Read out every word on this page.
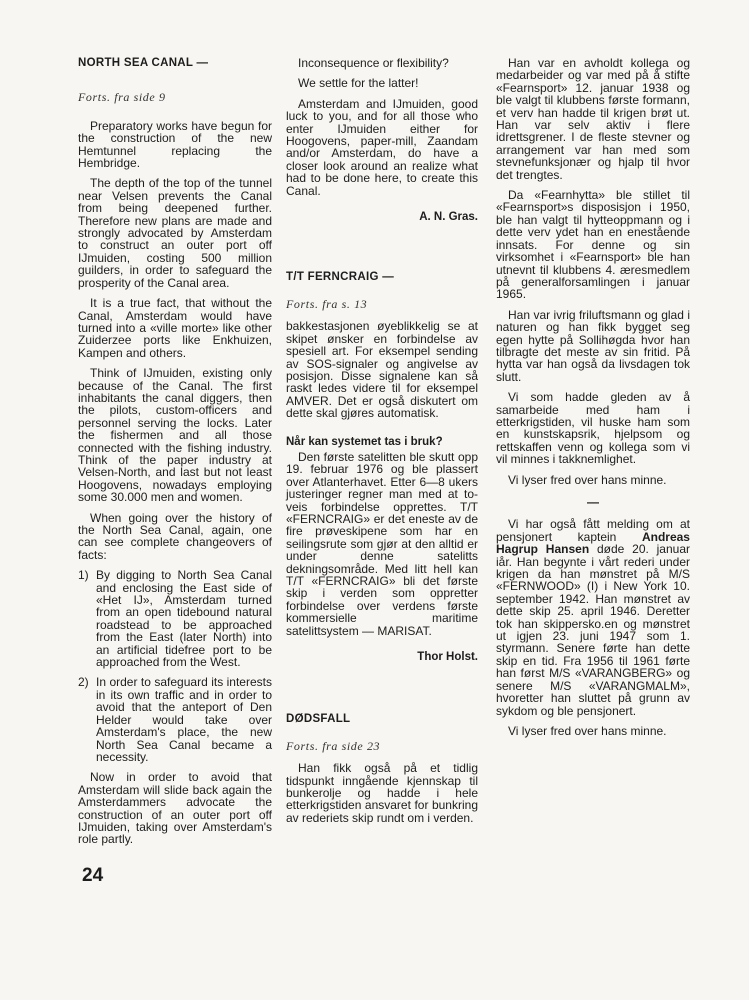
NORTH SEA CANAL —

Forts. fra side 9

Preparatory works have begun for the construction of the new Hemtunnel replacing the Hembridge.

The depth of the top of the tunnel near Velsen prevents the Canal from being deepened further. Therefore new plans are made and strongly advocated by Amsterdam to construct an outer port off IJmuiden, costing 500 million guilders, in order to safeguard the prosperity of the Canal area.

It is a true fact, that without the Canal, Amsterdam would have turned into a «ville morte» like other Zuiderzee ports like Enkhuizen, Kampen and others.

Think of IJmuiden, existing only because of the Canal. The first inhabitants the canal diggers, then the pilots, custom-officers and personnel serving the locks. Later the fishermen and all those connected with the fishing industry. Think of the paper industry at Velsen-North, and last but not least Hoogovens, nowadays employing some 30.000 men and women.

When going over the history of the North Sea Canal, again, one can see complete changeovers of facts:

1) By digging to North Sea Canal and enclosing the East side of «Het IJ», Amsterdam turned from an open tidebound natural roadstead to be approached from the East (later North) into an artificial tidefree port to be approached from the West.
2) In order to safeguard its interests in its own traffic and in order to avoid that the anteport of Den Helder would take over Amsterdam's place, the new North Sea Canal became a necessity.

Now in order to avoid that Amsterdam will slide back again the Amsterdammers advocate the construction of an outer port off IJmuiden, taking over Amsterdam's role partly.

24

Inconsequence or flexibility?

We settle for the latter!

Amsterdam and IJmuiden, good luck to you, and for all those who enter IJmuiden either for Hoogovens, paper-mill, Zaandam and/or Amsterdam, do have a closer look around an realize what had to be done here, to create this Canal.

A. N. Gras.

T/T FERNCRAIG —

Forts. fra s. 13

bakkestasjonen øyeblikkelig se at skipet ønsker en forbindelse av spesiell art. For eksempel sending av SOS-signaler og angivelse av posisjon. Disse signalene kan så raskt ledes videre til for eksempel AMVER. Det er også diskutert om dette skal gjøres automatisk.

Når kan systemet tas i bruk?

Den første satelitten ble skutt opp 19. februar 1976 og ble plassert over Atlanterhavet. Etter 6—8 ukers justeringer regner man med at to-veis forbindelse opprettes. T/T «FERNCRAIG» er det eneste av de fire prøveskipene som har en seilingsrute som gjør at den alltid er under denne satelitts dekningsområde. Med litt hell kan T/T «FERNCRAIG» bli det første skip i verden som oppretter forbindelse over verdens første kommersielle maritime satelittsystem — MARISAT.

Thor Holst.

DØDSFALL

Forts. fra side 23

Han fikk også på et tidlig tidspunkt inngående kjennskap til bunkerolje og hadde i hele etterkrigstiden ansvaret for bunkring av rederiets skip rundt om i verden.

Han var en avholdt kollega og medarbeider og var med på å stifte «Fearnsport» 12. januar 1938 og ble valgt til klubbens første formann, et verv han hadde til krigen brøt ut. Han var selv aktiv i flere idrettsgrener. I de fleste stevner og arrangement var han med som stevnefunksjonær og hjalp til hvor det trengtes.

Da «Fearnhytta» ble stillet til «Fearnsport»s disposisjon i 1950, ble han valgt til hytteoppmann og i dette verv ydet han en enestående innsats. For denne og sin virksomhet i «Fearnsport» ble han utnevnt til klubbens 4. æresmedlem på generalforsamlingen i januar 1965.

Han var ivrig friluftsmann og glad i naturen og han fikk bygget seg egen hytte på Sollihøgda hvor han tilbragte det meste av sin fritid. På hytta var han også da livsdagen tok slutt.

Vi som hadde gleden av å samarbeide med ham i etterkrigstiden, vil huske ham som en kunstskapsrik, hjelpsom og rettskaffen venn og kollega som vi vil minnes i takknemlighet.

Vi lyser fred over hans minne.

—

Vi har også fått melding om at pensjonert kaptein Andreas Hagrup Hansen døde 20. januar iår. Han begynte i vårt rederi under krigen da han mønstret på M/S «FERNWOOD» (I) i New York 10. september 1942. Han mønstret av dette skip 25. april 1946. Deretter tok han skippersko.en og mønstret ut igjen 23. juni 1947 som 1. styrmann. Senere førte han dette skip en tid. Fra 1956 til 1961 førte han først M/S «VARANGBERG» og senere M/S «VARANGMALM», hvoretter han sluttet på grunn av sykdom og ble pensjonert.

Vi lyser fred over hans minne.
